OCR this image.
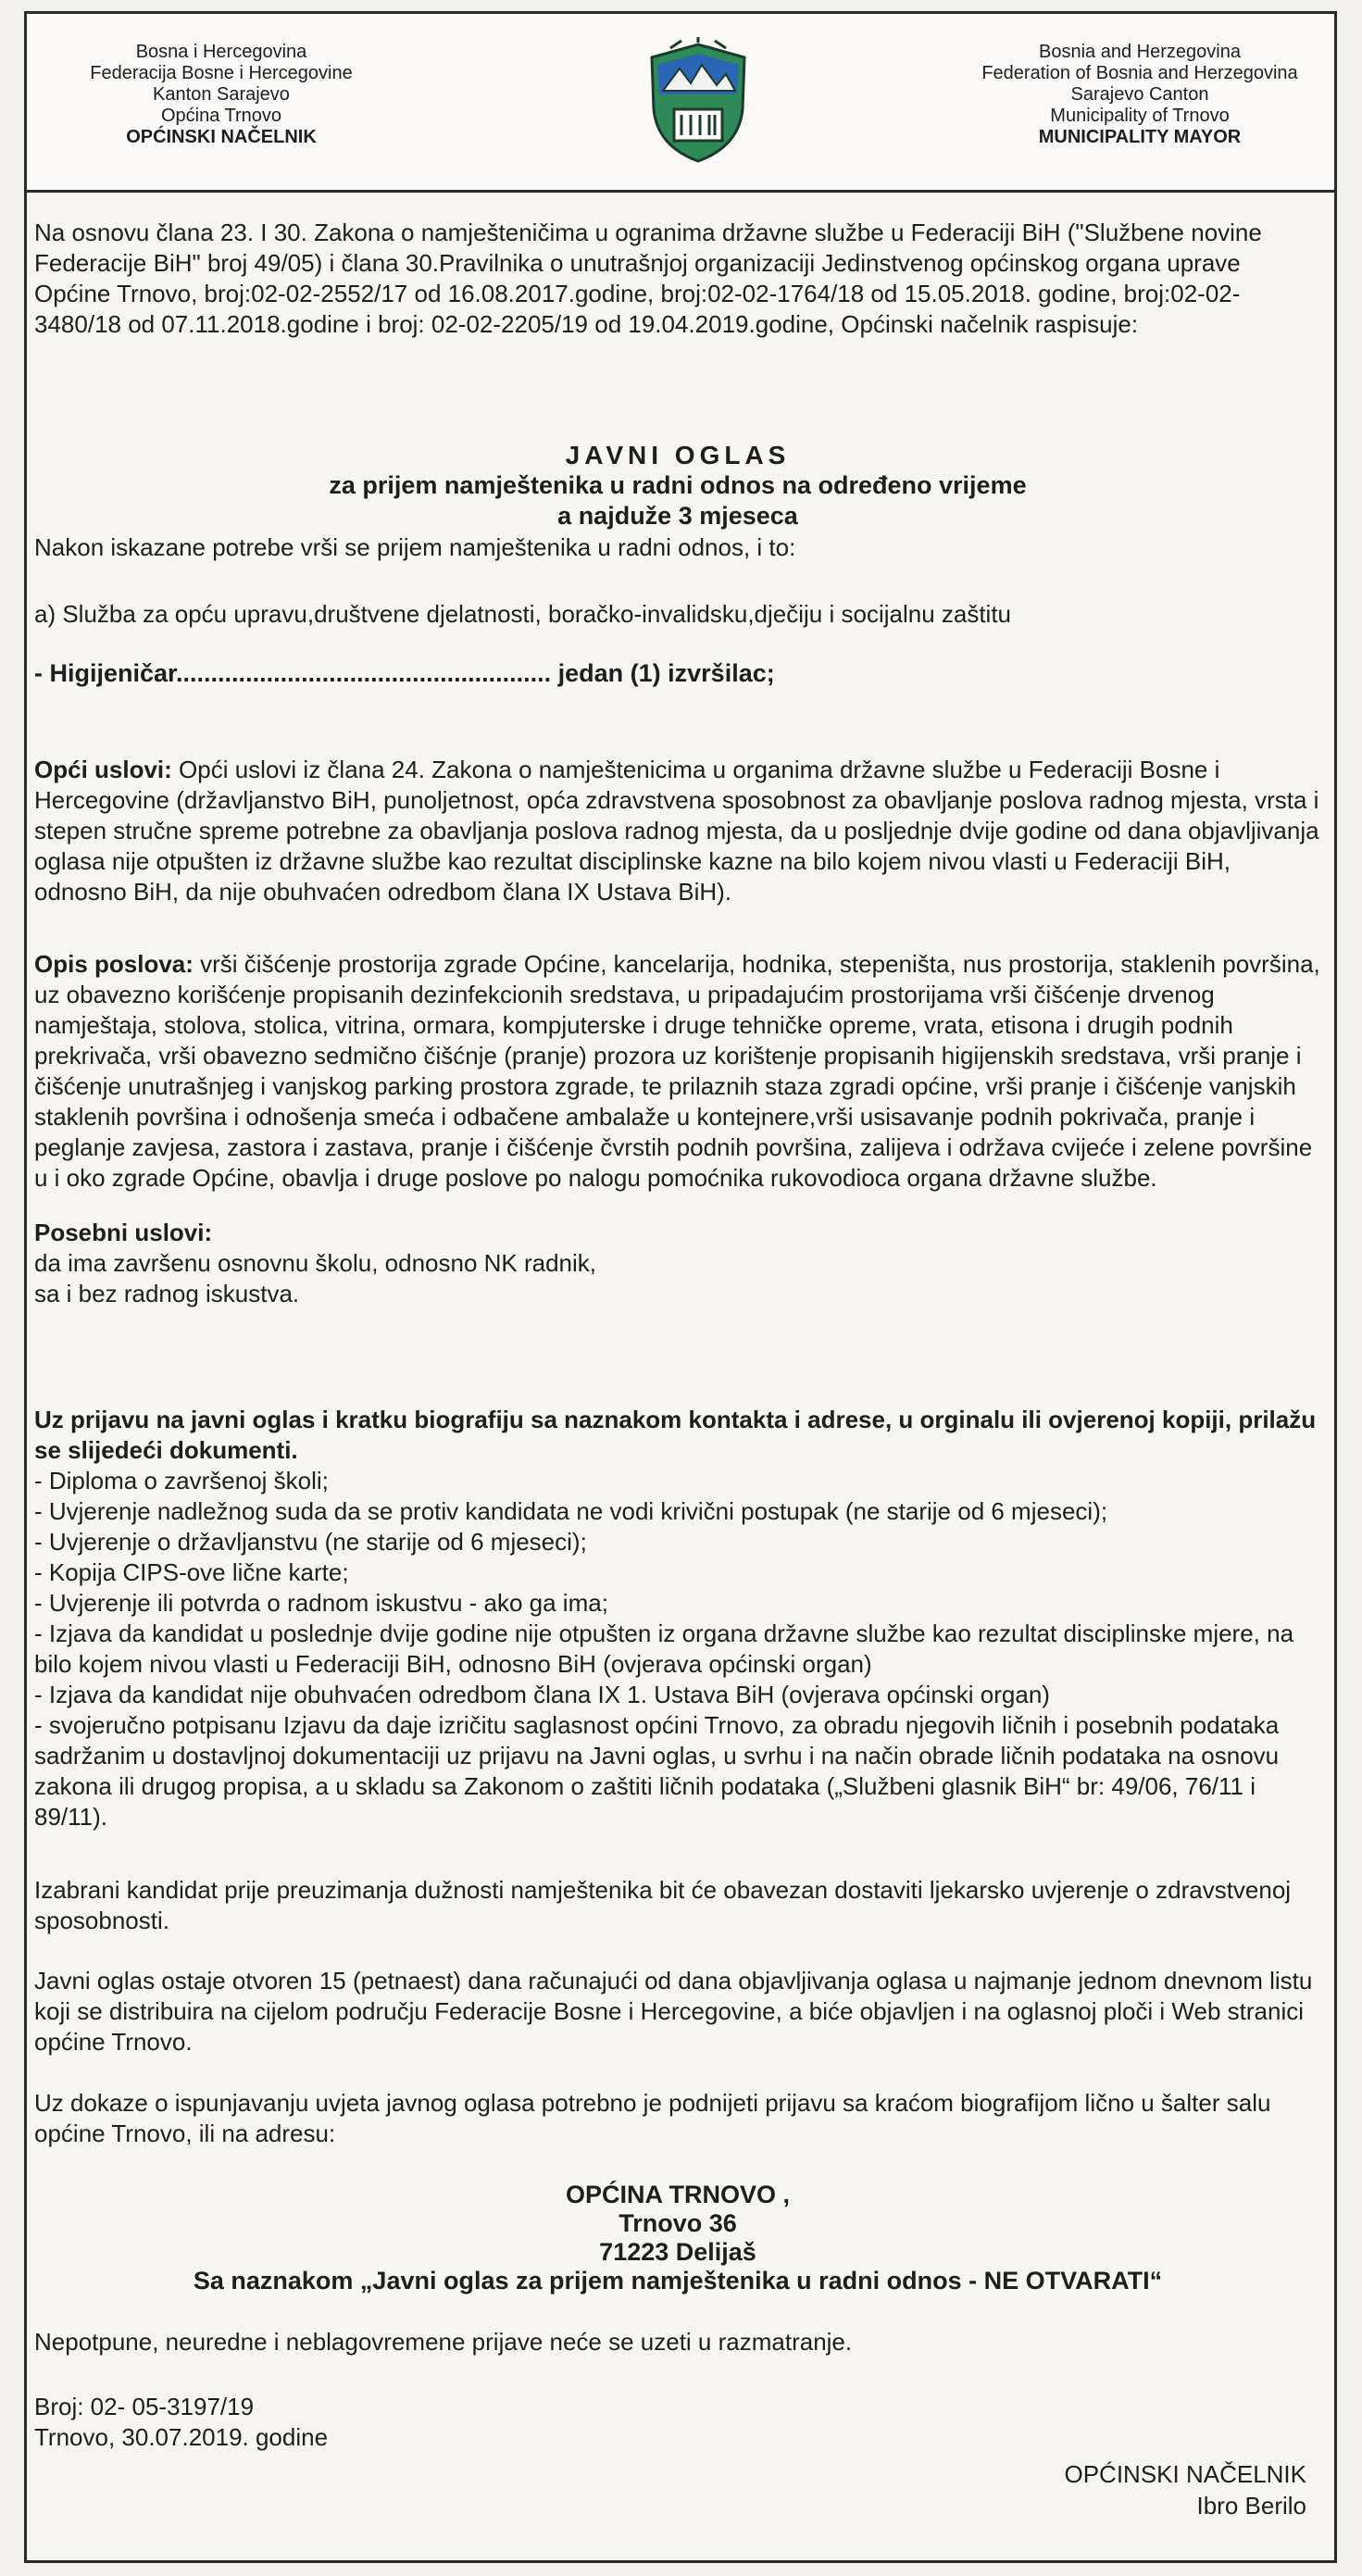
Bosna i Hercegovina
Federacija Bosne i Hercegovine
Kanton Sarajevo
Općina Trnovo
OPĆINSKI NAČELNIK
Bosnia and Herzegovina
Federation of Bosnia and Herzegovina
Sarajevo Canton
Municipality of Trnovo
MUNICIPALITY MAYOR

Na osnovu člana 23. I 30. Zakona o namješteničima u ogranima državne službe u Federaciji BiH ("Službene novine Federacije BiH" broj 49/05) i člana 30.Pravilnika o unutrašnjoj organizaciji Jedinstvenog općinskog organa uprave Općine Trnovo, broj:02-02-2552/17 od 16.08.2017.godine, broj:02-02-1764/18 od 15.05.2018. godine, broj:02-02-3480/18 od 07.11.2018.godine i broj: 02-02-2205/19 od 19.04.2019.godine, Općinski načelnik raspisuje:

JAVNI OGLAS
za prijem namještenika u radni odnos na određeno vrijeme
a najduže 3 mjeseca

Nakon iskazane potrebe vrši se prijem namještenika u radni odnos, i to:

a) Služba za opću upravu,društvene djelatnosti, boračko-invalidsku,dječiju i socijalnu zaštitu

- Higijeničar...................................................... jedan (1) izvršilac;

Opći uslovi: Opći uslovi iz člana 24. Zakona o namještenicima u organima državne službe u Federaciji Bosne i Hercegovine (državljanstvo BiH, punoljetnost, opća zdravstvena sposobnost za obavljanje poslova radnog mjesta, vrsta i stepen stručne spreme potrebne za obavljanja poslova radnog mjesta, da u posljednje dvije godine od dana objavljivanja oglasa nije otpušten iz državne službe kao rezultat disciplinske kazne na bilo kojem nivou vlasti u Federaciji BiH, odnosno BiH, da nije obuhvaćen odredbom člana IX Ustava BiH).

Opis poslova: vrši čišćenje prostorija zgrade Općine, kancelarija, hodnika, stepeništa, nus prostorija, staklenih površina, uz obavezno korišćenje propisanih dezinfekcionih sredstava, u pripadajućim prostorijama vrši čišćenje drvenog namještaja, stolova, stolica, vitrina, ormara, kompjuterske i druge tehničke opreme, vrata, etisona i drugih podnih prekrivača, vrši obavezno sedmično čišćnje (pranje) prozora uz korištenje propisanih higijenskih sredstava, vrši pranje i čišćenje unutrašnjeg i vanjskog parking prostora zgrade, te prilaznih staza zgradi općine, vrši pranje i čišćenje vanjskih staklenih površina i odnošenja smeća i odbačene ambalaže u kontejnere,vrši usisavanje podnih pokrivača, pranje i peglanje zavjesa, zastora i zastava, pranje i čišćenje čvrstih podnih površina, zalijeva i održava cvijeće i zelene površine u i oko zgrade Općine, obavlja i druge poslove po nalogu pomoćnika rukovodioca organa državne službe.

Posebni uslovi:
da ima završenu osnovnu školu, odnosno NK radnik,
sa i bez radnog iskustva.
Uz prijavu na javni oglas i kratku biografiju sa naznakom kontakta i adrese, u orginalu ili ovjerenoj kopiji, prilažu se slijedeći dokumenti.
- Diploma o završenoj školi;
- Uvjerenje nadležnog suda da se protiv kandidata ne vodi krivični postupak (ne starije od 6 mjeseci);
- Uvjerenje o državljanstvu (ne starije od 6 mjeseci);
- Kopija CIPS-ove lične karte;
- Uvjerenje ili potvrda o radnom iskustvu - ako ga ima;
- Izjava da kandidat u poslednje dvije godine nije otpušten iz organa državne službe kao rezultat disciplinske mjere, na bilo kojem nivou vlasti u Federaciji BiH, odnosno BiH (ovjerava općinski organ)
- Izjava da kandidat nije obuhvaćen odredbom člana IX 1. Ustava BiH (ovjerava općinski organ)
- svojeručno potpisanu Izjavu da daje izričitu saglasnost općini Trnovo, za obradu njegovih ličnih i posebnih podataka sadržanim u dostavljnoj dokumentaciji uz prijavu na Javni oglas, u svrhu i na način obrade ličnih podataka na osnovu zakona ili drugog propisa, a u skladu sa Zakonom o zaštiti ličnih podataka („Službeni glasnik BiH“ br: 49/06, 76/11 i 89/11).

Izabrani kandidat prije preuzimanja dužnosti namještenika bit će obavezan dostaviti ljekarsko uvjerenje o zdravstvenoj sposobnosti.

Javni oglas ostaje otvoren 15 (petnaest) dana računajući od dana objavljivanja oglasa u najmanje jednom dnevnom listu koji se distribuira na cijelom području Federacije Bosne i Hercegovine, a biće objavljen i na oglasnoj ploči i Web stranici općine Trnovo.

Uz dokaze o ispunjavanju uvjeta javnog oglasa potrebno je podnijeti prijavu sa kraćom biografijom lično u šalter salu općine Trnovo, ili na adresu:

OPĆINA TRNOVO ,
Trnovo 36
71223 Delijaš
Sa naznakom „Javni oglas za prijem namještenika u radni odnos - NE OTVARATI“

Nepotpune, neuredne i neblagovremene prijave neće se uzeti u razmatranje.

Broj: 02- 05-3197/19
Trnovo, 30.07.2019. godine
OPĆINSKI NAČELNIK
Ibro Berilo
